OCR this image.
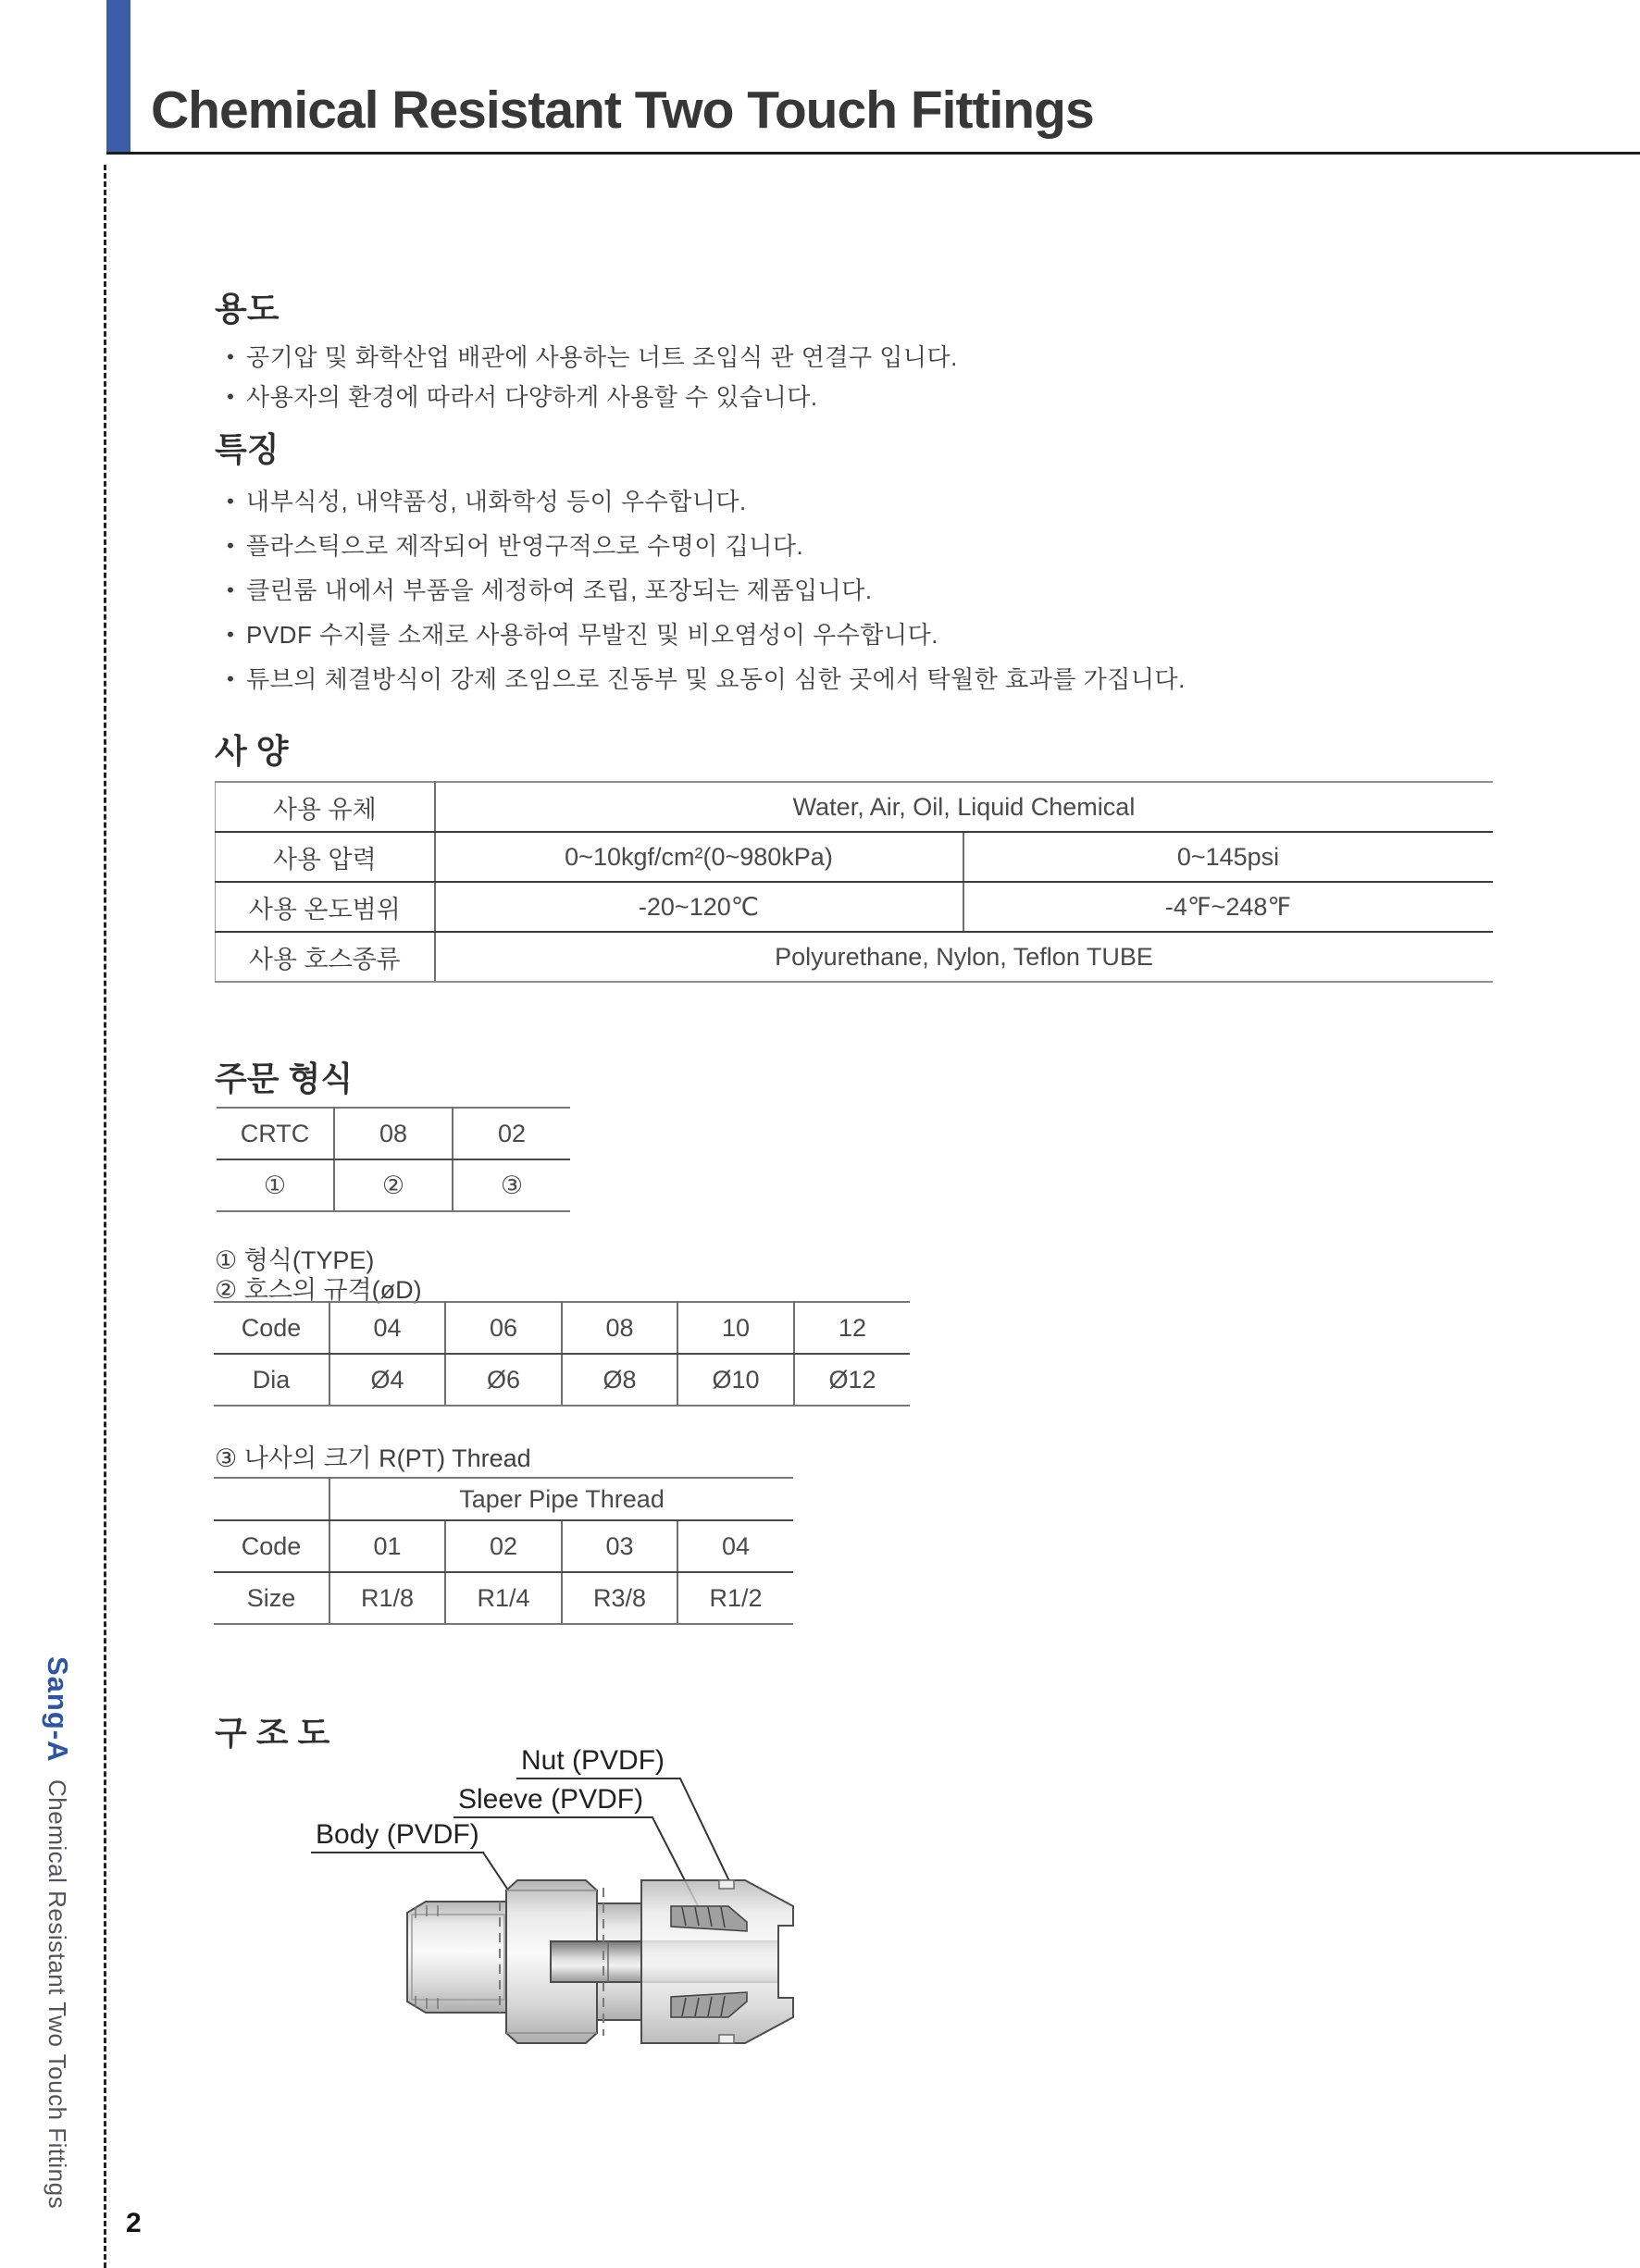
Chemical Resistant Two Touch Fittings
용도
• 공기압 및 화학산업 배관에 사용하는 너트 조입식 관 연결구 입니다.
• 사용자의 환경에 따라서 다양하게 사용할 수 있습니다.
특징
• 내부식성, 내약품성, 내화학성 등이 우수합니다.
• 플라스틱으로 제작되어 반영구적으로 수명이 깁니다.
• 클린룸 내에서 부품을 세정하여 조립, 포장되는 제품입니다.
• PVDF 수지를 소재로 사용하여 무발진 및 비오염성이 우수합니다.
• 튜브의 체결방식이 강제 조임으로 진동부 및 요동이 심한 곳에서 탁월한 효과를 가집니다.
사 양
사용 유체	Water, Air, Oil, Liquid Chemical	
사용 압력	0~10kgf/cm²(0~980kPa)	0~145psi
사용 온도범위	-20~120℃	-4℉~248℉
사용 호스종류	Polyurethane, Nylon, Teflon TUBE	
주문 형식
CRTC	08	02
①	②	③
① 형식(TYPE)
② 호스의 규격(øD)
Code	04	06	08	10	12
Dia	Ø4	Ø6	Ø8	Ø10	Ø12
③ 나사의 크기 R(PT) Thread
	Taper Pipe Thread			
Code	01	02	03	04
Size	R1/8	R1/4	R3/8	R1/2
구 조 도
Nut (PVDF)
Sleeve (PVDF)
Body (PVDF)
Sang-A Chemical Resistant Two Touch Fittings
2
